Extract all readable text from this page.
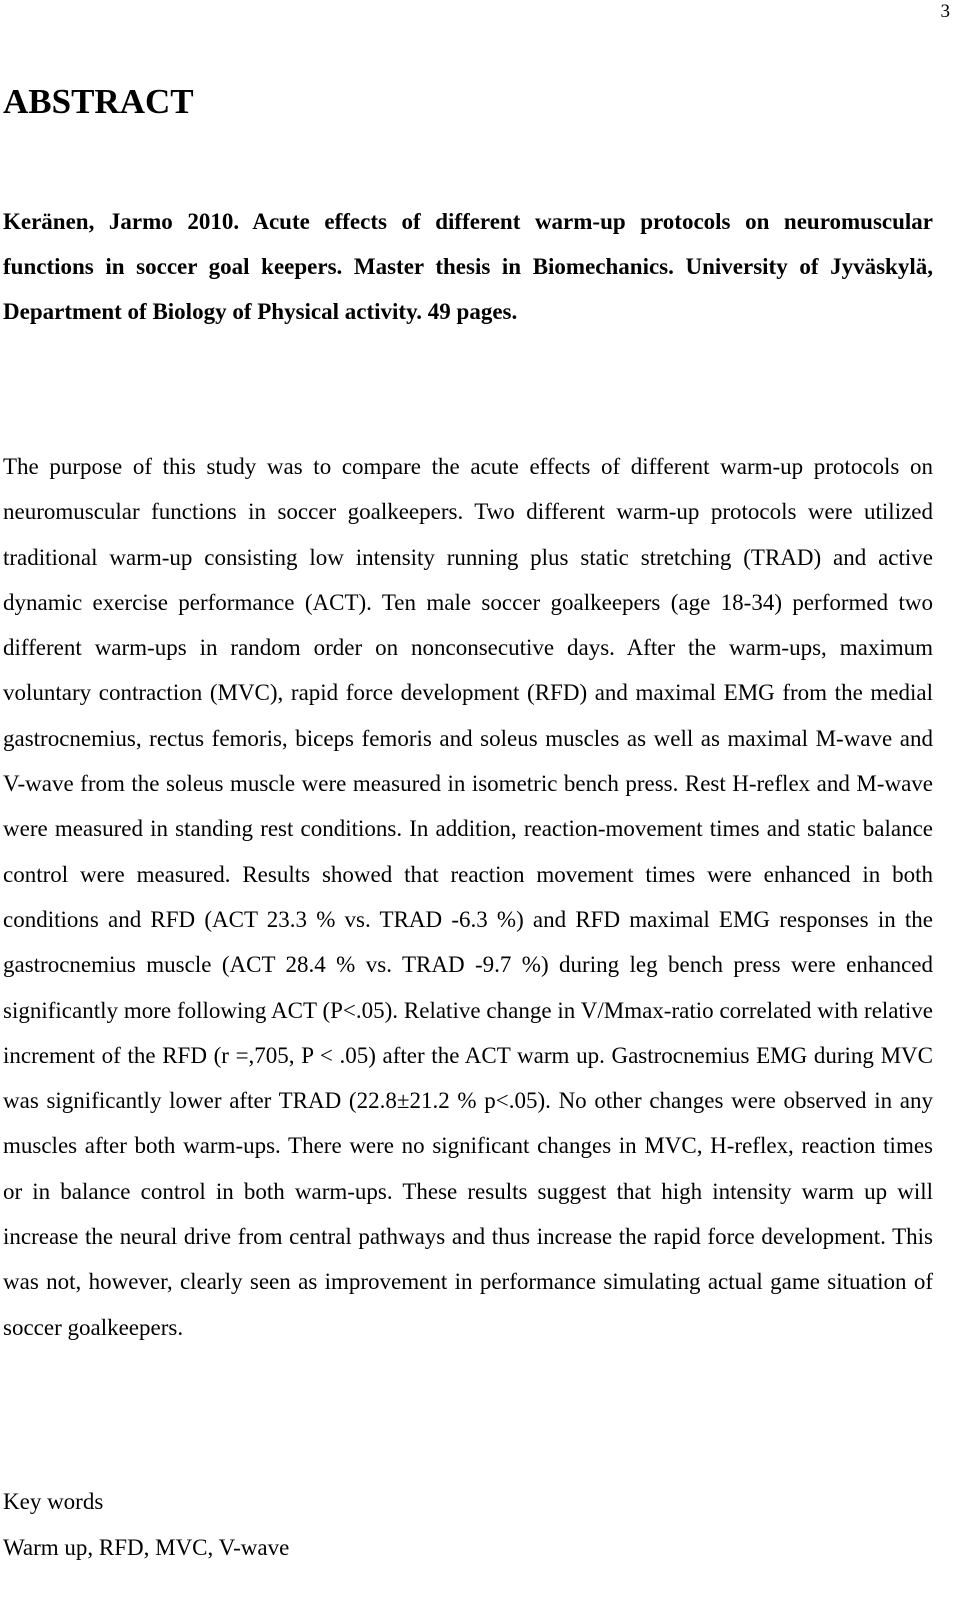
3
ABSTRACT

Keränen, Jarmo 2010. Acute effects of different warm-up protocols on neuromuscular functions in soccer goal keepers. Master thesis in Biomechanics. University of Jyväskylä, Department of Biology of Physical activity. 49 pages.

The purpose of this study was to compare the acute effects of different warm-up protocols on neuromuscular functions in soccer goalkeepers. Two different warm-up protocols were utilized traditional warm-up consisting low intensity running plus static stretching (TRAD) and active dynamic exercise performance (ACT). Ten male soccer goalkeepers (age 18-34) performed two different warm-ups in random order on nonconsecutive days. After the warm-ups, maximum voluntary contraction (MVC), rapid force development (RFD) and maximal EMG from the medial gastrocnemius, rectus femoris, biceps femoris and soleus muscles as well as maximal M-wave and V-wave from the soleus muscle were measured in isometric bench press. Rest H-reflex and M-wave were measured in standing rest conditions. In addition, reaction-movement times and static balance control were measured. Results showed that reaction movement times were enhanced in both conditions and RFD (ACT 23.3 % vs. TRAD -6.3 %) and RFD maximal EMG responses in the gastrocnemius muscle (ACT 28.4 % vs. TRAD -9.7 %) during leg bench press were enhanced significantly more following ACT (P<.05). Relative change in V/Mmax-ratio correlated with relative increment of the RFD (r =,705, P < .05) after the ACT warm up. Gastrocnemius EMG during MVC was significantly lower after TRAD (22.8±21.2 % p<.05). No other changes were observed in any muscles after both warm-ups. There were no significant changes in MVC, H-reflex, reaction times or in balance control in both warm-ups. These results suggest that high intensity warm up will increase the neural drive from central pathways and thus increase the rapid force development. This was not, however, clearly seen as improvement in performance simulating actual game situation of soccer goalkeepers.

Key words
Warm up, RFD, MVC, V-wave
